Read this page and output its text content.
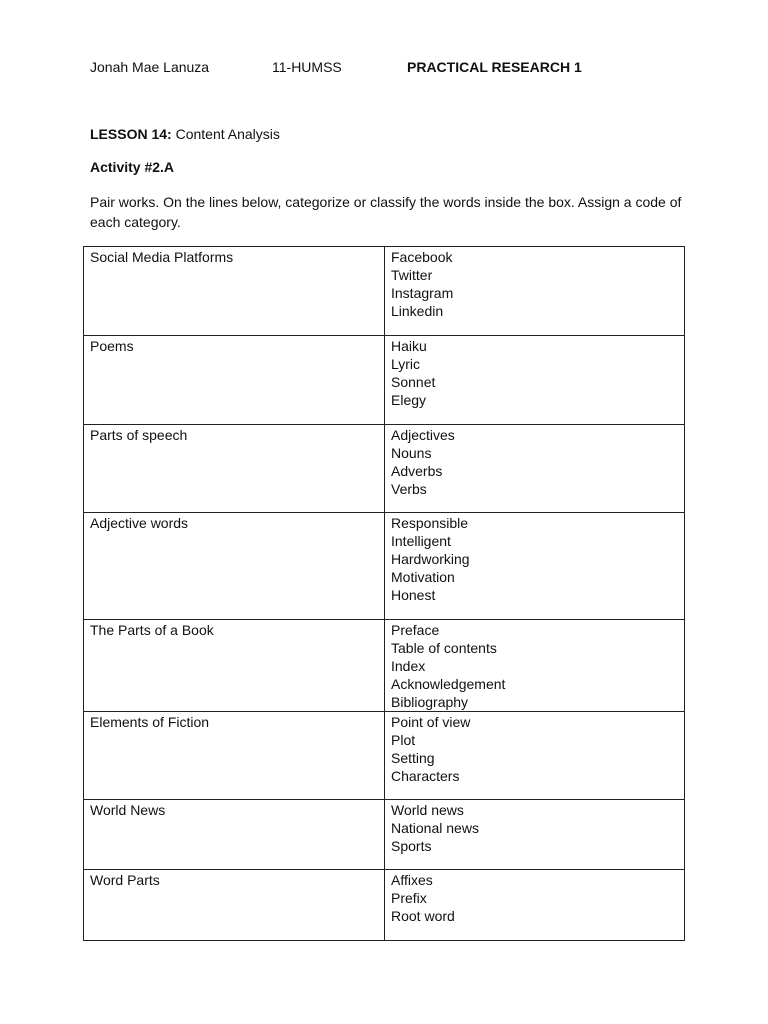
Jonah Mae Lanuza	11-HUMSS	PRACTICAL RESEARCH 1
LESSON 14: Content Analysis
Activity #2.A
Pair works. On the lines below, categorize or classify the words inside the box. Assign a code of each category.
Social Media Platforms	Facebook
Twitter
Instagram
Linkedin

Poems	Haiku
Lyric
Sonnet
Elegy

Parts of speech	Adjectives
Nouns
Adverbs
Verbs

Adjective words	Responsible
Intelligent
Hardworking
Motivation
Honest

The Parts of a Book	Preface
Table of contents
Index
Acknowledgement
Bibliography

Elements of Fiction	Point of view
Plot
Setting
Characters

World News	World news
National news
Sports

Word Parts	Affixes
Prefix
Root word
